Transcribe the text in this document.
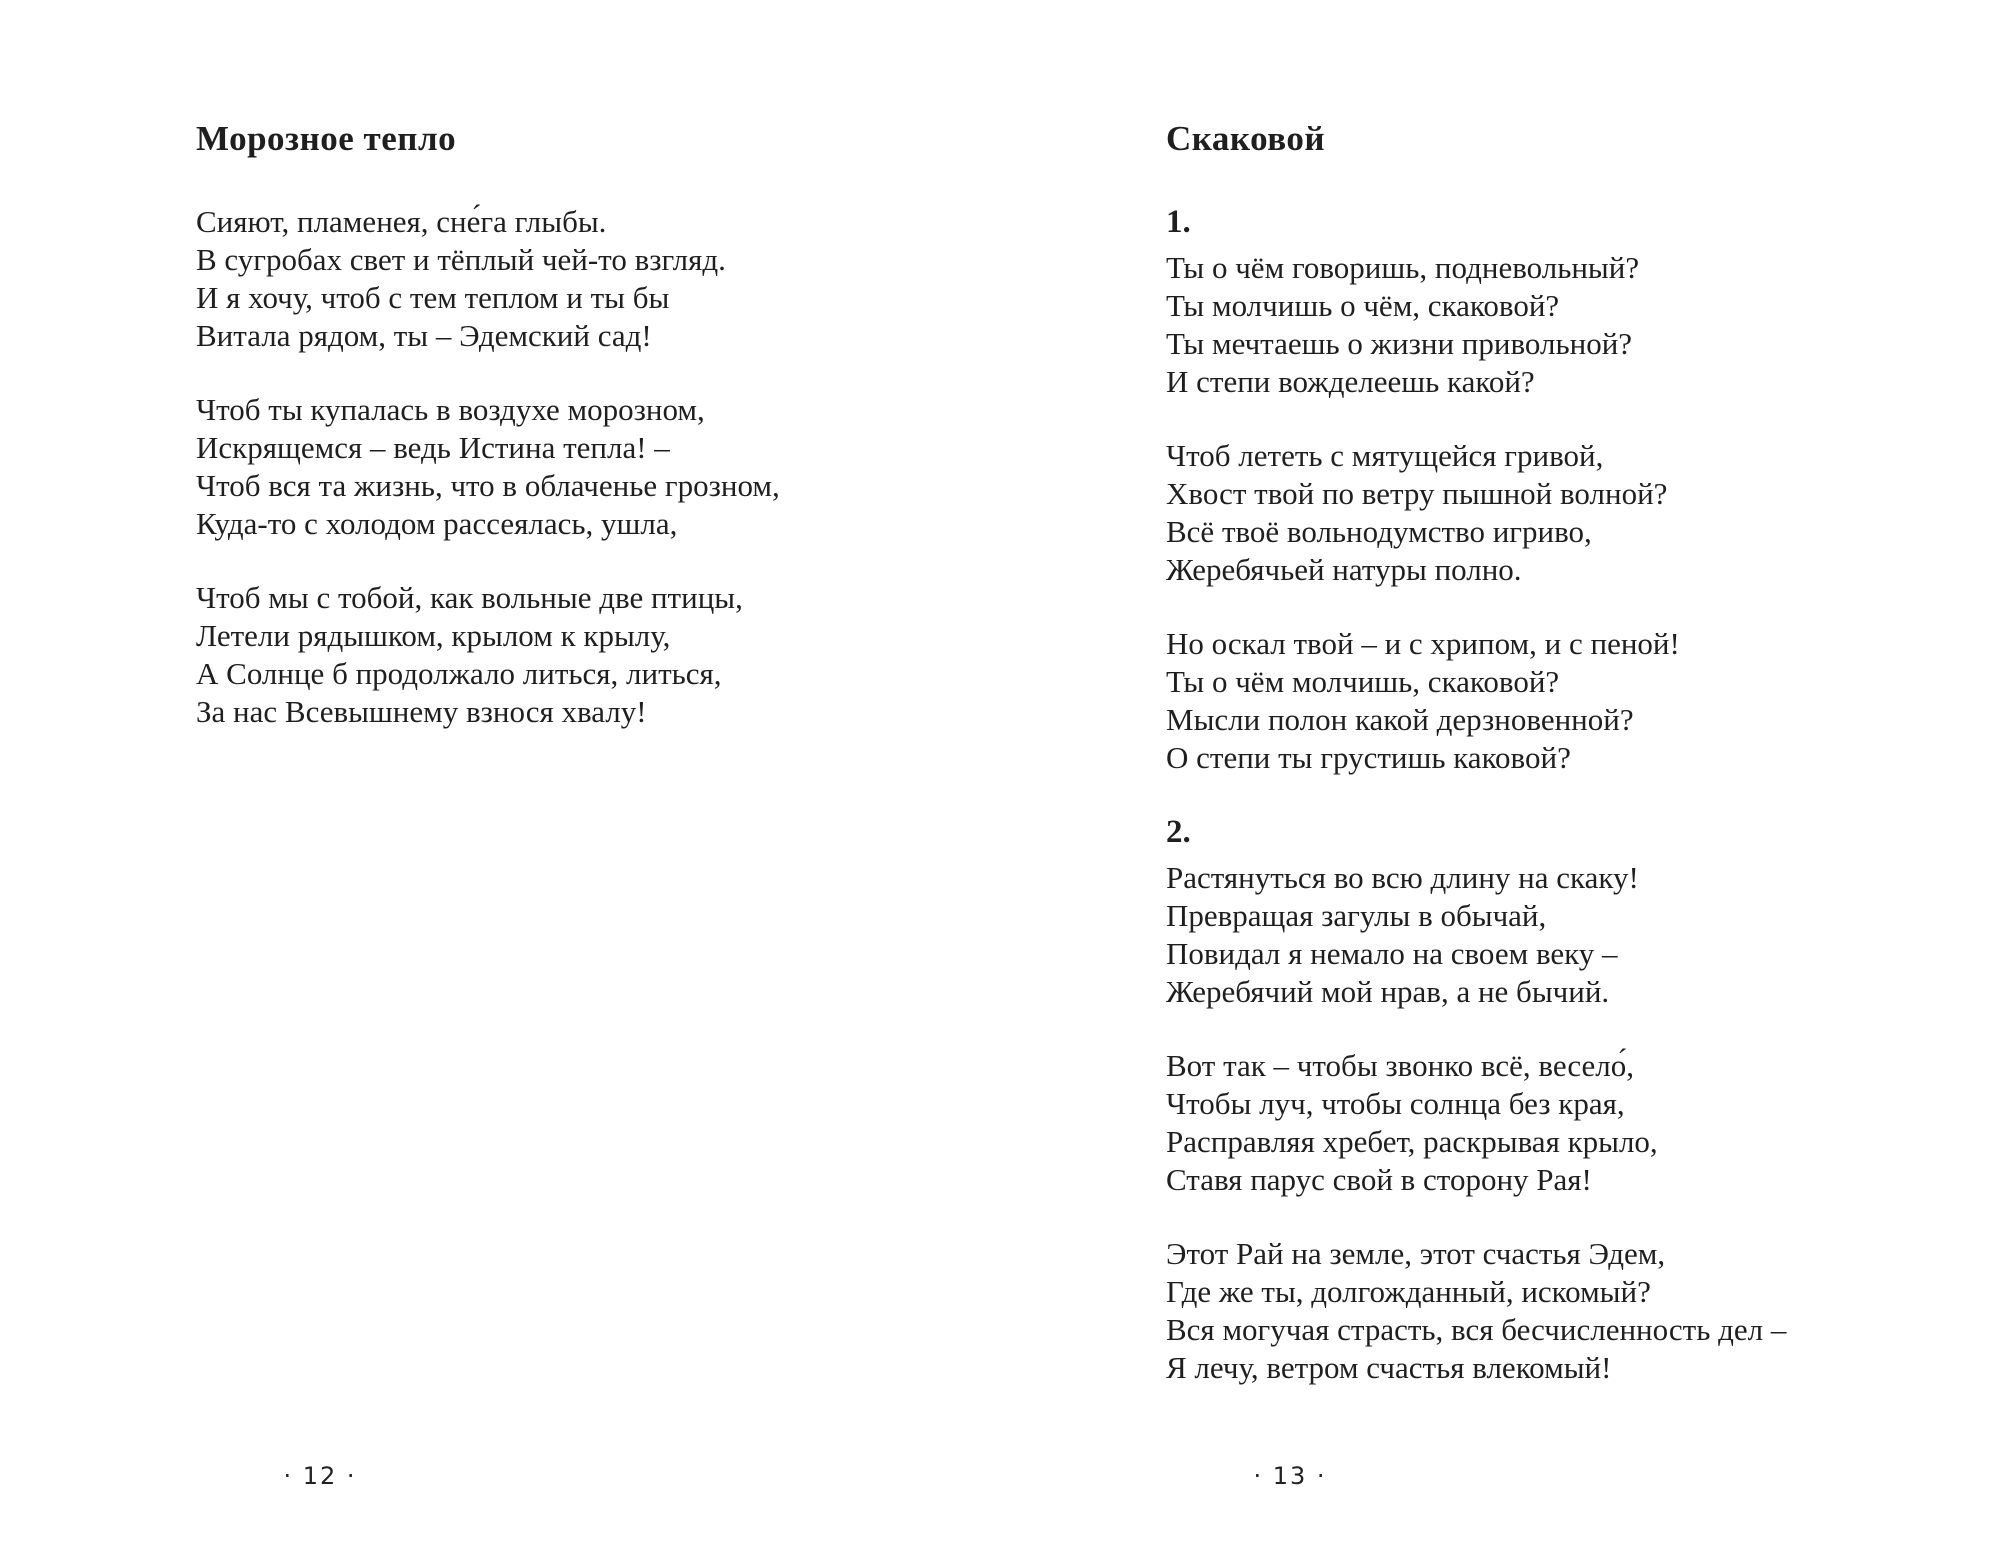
Морозное тепло
Сияют, пламенея, сне́га глыбы.
В сугробах свет и тёплый чей-то взгляд.
И я хочу, чтоб с тем теплом и ты бы
Витала рядом, ты – Эдемский сад!
Чтоб ты купалась в воздухе морозном,
Искрящемся – ведь Истина тепла! –
Чтоб вся та жизнь, что в облаченье грозном,
Куда-то с холодом рассеялась, ушла,
Чтоб мы с тобой, как вольные две птицы,
Летели рядышком, крылом к крылу,
А Солнце б продолжало литься, литься,
За нас Всевышнему взнося хвалу!
Скаковой
1.
Ты о чём говоришь, подневольный?
Ты молчишь о чём, скаковой?
Ты мечтаешь о жизни привольной?
И степи вожделеешь какой?
Чтоб лететь с мятущейся гривой,
Хвост твой по ветру пышной волной?
Всё твоё вольнодумство игриво,
Жеребячьей натуры полно.
Но оскал твой – и с хрипом, и с пеной!
Ты о чём молчишь, скаковой?
Мысли полон какой дерзновенной?
О степи ты грустишь каковой?
2.
Растянуться во всю длину на скаку!
Превращая загулы в обычай,
Повидал я немало на своем веку –
Жеребячий мой нрав, а не бычий.
Вот так – чтобы звонко всё, весело́,
Чтобы луч, чтобы солнца без края,
Расправляя хребет, раскрывая крыло,
Ставя парус свой в сторону Рая!
Этот Рай на земле, этот счастья Эдем,
Где же ты, долгожданный, искомый?
Вся могучая страсть, вся бесчисленность дел –
Я лечу, ветром счастья влекомый!
· 12 ·	· 13 ·
